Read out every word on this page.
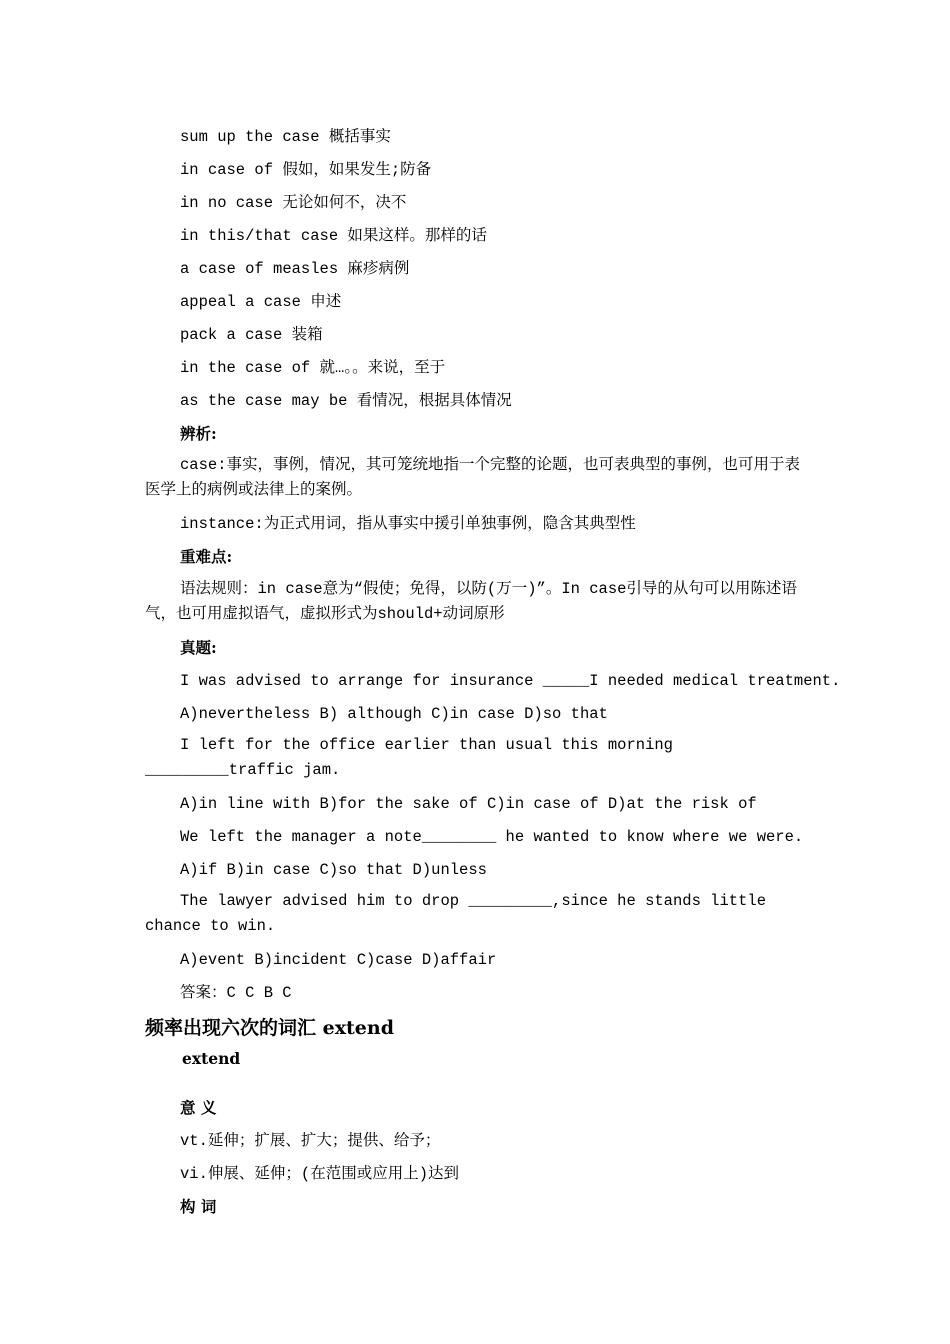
sum up the case 概括事实
in case of 假如，如果发生;防备
in no case 无论如何不，决不
in this/that case 如果这样。那样的话
a case of measles 麻疹病例
appeal a case 申述
pack a case 装箱
in the case of 就…。。来说，至于
as the case may be 看情况，根据具体情况
辨析:
case:事实，事例，情况，其可笼统地指一个完整的论题，也可表典型的事例，也可用于表医学上的病例或法律上的案例。
instance:为正式用词，指从事实中援引单独事例，隐含其典型性
重难点:
语法规则：in case意为“假使；免得，以防(万一)”。In case引导的从句可以用陈述语气，也可用虚拟语气，虚拟形式为should+动词原形
真题:
I was advised to arrange for insurance _____I needed medical treatment.
A)nevertheless B) although C)in case D)so that
I left for the office earlier than usual this morning _________traffic jam.
A)in line with B)for the sake of C)in case of D)at the risk of
We left the manager a note________ he wanted to know where we were.
A)if B)in case C)so that D)unless
The lawyer advised him to drop _________,since he stands little chance to win.
A)event B)incident C)case D)affair
答案：C C B C
频率出现六次的词汇 extend
extend
意 义
vt.延伸；扩展、扩大；提供、给予；
vi.伸展、延伸；(在范围或应用上)达到
构 词
